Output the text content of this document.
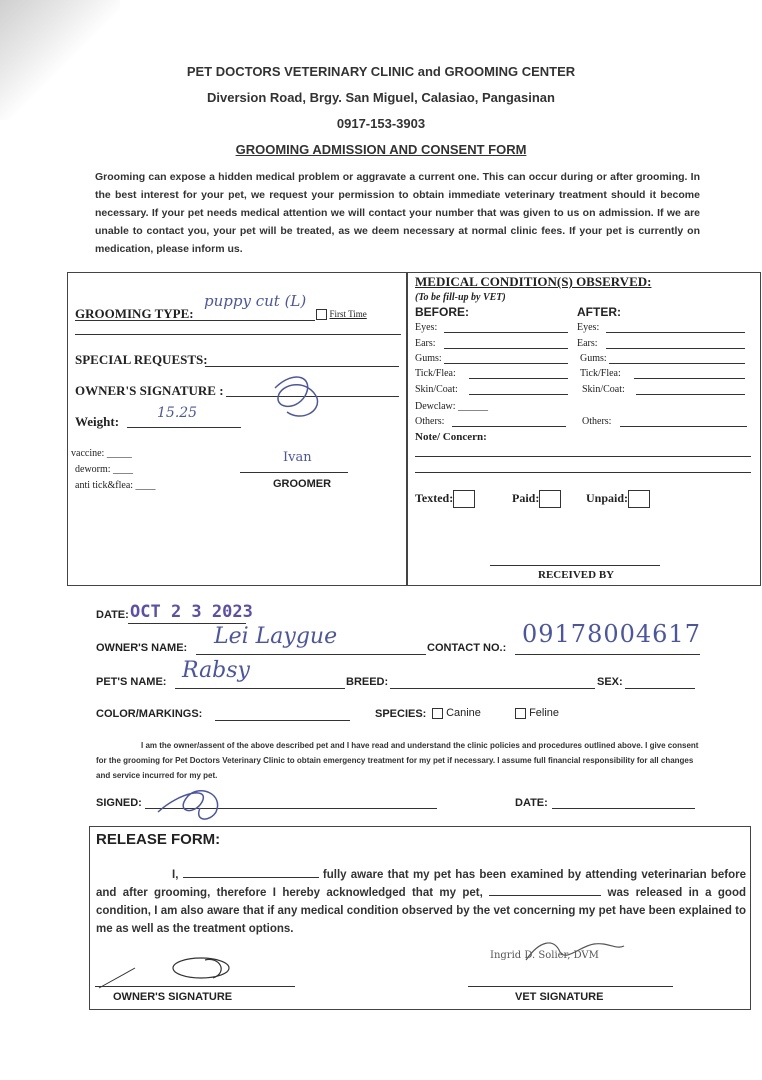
PET DOCTORS VETERINARY CLINIC and GROOMING CENTER
Diversion Road, Brgy. San Miguel, Calasiao, Pangasinan
0917-153-3903
GROOMING ADMISSION AND CONSENT FORM
Grooming can expose a hidden medical problem or aggravate a current one. This can occur during or after grooming. In the best interest for your pet, we request your permission to obtain immediate veterinary treatment should it become necessary. If your pet needs medical attention we will contact your number that was given to us on admission. If we are unable to contact you, your pet will be treated, as we deem necessary at normal clinic fees. If your pet is currently on medication, please inform us.
GROOMING TYPE:
puppy cut (L)
First Time
SPECIAL REQUESTS:
OWNER'S SIGNATURE :
Weight:
15.25
vaccine: _____
deworm: ____
anti tick&flea: ____
Ivan
GROOMER
MEDICAL CONDITION(S) OBSERVED:
(To be fill-up by VET)
BEFORE:	AFTER:
Eyes:	Eyes:
Ears:	Ears:
Gums:	Gums:
Tick/Flea:	Tick/Flea:
Skin/Coat:	Skin/Coat:
Dewclaw: ______
Others:	Others:
Note/ Concern:
Texted:	Paid:	Unpaid:
RECEIVED BY
DATE: OCT 2 3 2023
OWNER'S NAME: Lei Laygue	CONTACT NO.: 09178004617
PET'S NAME: Rabsy	BREED:	SEX:
COLOR/MARKINGS:	SPECIES:	Canine	Feline
I am the owner/assent of the above described pet and I have read and understand the clinic policies and procedures outlined above. I give consent for the grooming for Pet Doctors Veterinary Clinic to obtain emergency treatment for my pet if necessary. I assume full financial responsibility for all changes and service incurred for my pet.
SIGNED:	DATE:
RELEASE FORM:
I,	fully aware that my pet has been examined by attending veterinarian before and after grooming, therefore I hereby acknowledged that my pet,	was released in a good condition, I am also aware that if any medical condition observed by the vet concerning my pet have been explained to me as well as the treatment options.
OWNER'S SIGNATURE
Ingrid D. Solier, DVM
VET SIGNATURE
